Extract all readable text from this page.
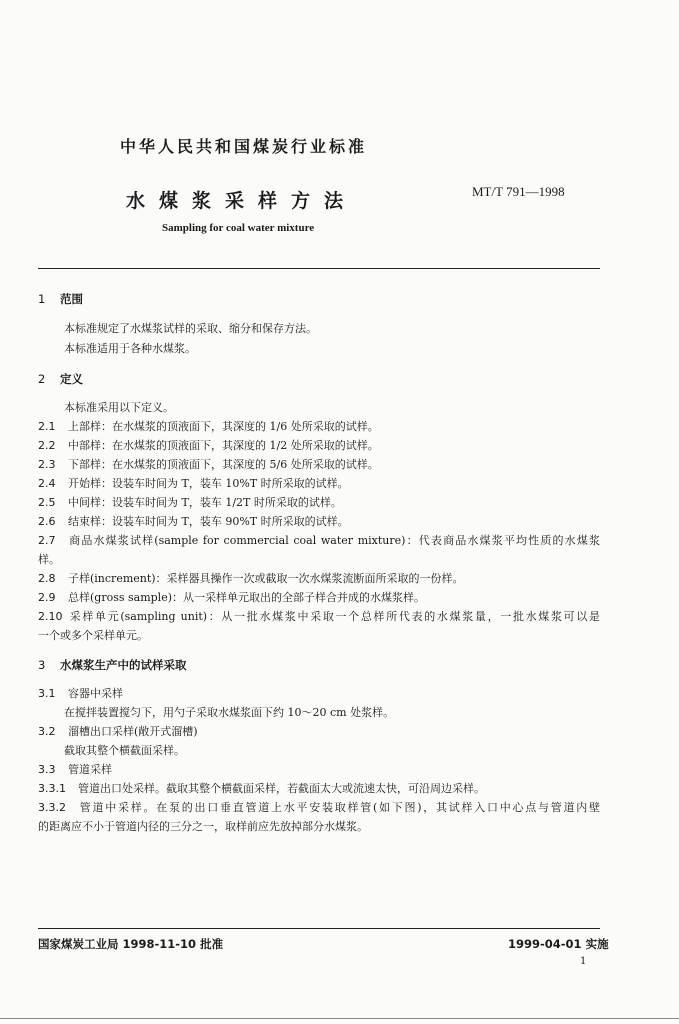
中华人民共和国煤炭行业标准
水煤浆采样方法	MT/T 791—1998
Sampling for coal water mixture
1 范围
本标准规定了水煤浆试样的采取、缩分和保存方法。
本标准适用于各种水煤浆。
2 定义
本标准采用以下定义。
2.1 上部样：在水煤浆的顶液面下，其深度的 1/6 处所采取的试样。
2.2 中部样：在水煤浆的顶液面下，其深度的 1/2 处所采取的试样。
2.3 下部样：在水煤浆的顶液面下，其深度的 5/6 处所采取的试样。
2.4 开始样：设装车时间为 T，装车 10%T 时所采取的试样。
2.5 中间样：设装车时间为 T，装车 1/2T 时所采取的试样。
2.6 结束样：设装车时间为 T，装车 90%T 时所采取的试样。
2.7 商品水煤浆试样(sample for commercial coal water mixture)：代表商品水煤浆平均性质的水煤浆
样。
2.8 子样(increment)：采样器具操作一次或截取一次水煤浆流断面所采取的一份样。
2.9 总样(gross sample)：从一采样单元取出的全部子样合并成的水煤浆样。
2.10 采样单元(sampling unit)：从一批水煤浆中采取一个总样所代表的水煤浆量，一批水煤浆可以是
一个或多个采样单元。
3 水煤浆生产中的试样采取
3.1 容器中采样
在搅拌装置搅匀下，用勺子采取水煤浆面下约 10～20 cm 处浆样。
3.2 溜槽出口采样(敞开式溜槽)
截取其整个横截面采样。
3.3 管道采样
3.3.1 管道出口处采样。截取其整个横截面采样，若截面太大或流速太快，可沿周边采样。
3.3.2 管道中采样。在泵的出口垂直管道上水平安装取样管(如下图)，其试样入口中心点与管道内壁
的距离应不小于管道内径的三分之一，取样前应先放掉部分水煤浆。
国家煤炭工业局 1998-11-10 批准	1999-04-01 实施
1
